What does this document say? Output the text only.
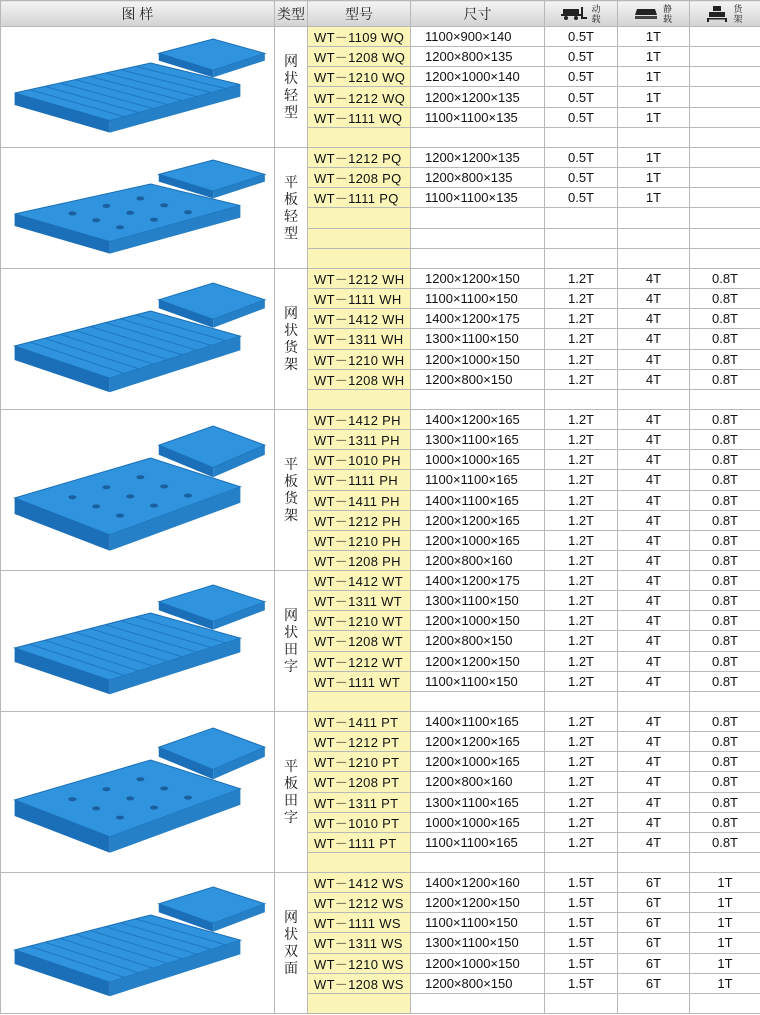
图 样	类型	型号	尺寸	动载	静载	货架

	网状轻型	WT－1109 WQ	1100×900×140	0.5T	1T	
		WT－1208 WQ	1200×800×135	0.5T	1T	
		WT－1210 WQ	1200×1000×140	0.5T	1T	
		WT－1212 WQ	1200×1200×135	0.5T	1T	
		WT－1111 WQ	1100×1100×135	0.5T	1T	

	平板轻型	WT－1212 PQ	1200×1200×135	0.5T	1T	
		WT－1208 PQ	1200×800×135	0.5T	1T	
		WT－1111 PQ	1100×1100×135	0.5T	1T	

	网状货架	WT－1212 WH	1200×1200×150	1.2T	4T	0.8T
		WT－1111 WH	1100×1100×150	1.2T	4T	0.8T
		WT－1412 WH	1400×1200×175	1.2T	4T	0.8T
		WT－1311 WH	1300×1100×150	1.2T	4T	0.8T
		WT－1210 WH	1200×1000×150	1.2T	4T	0.8T
		WT－1208 WH	1200×800×150	1.2T	4T	0.8T

	平板货架	WT－1412 PH	1400×1200×165	1.2T	4T	0.8T
		WT－1311 PH	1300×1100×165	1.2T	4T	0.8T
		WT－1010 PH	1000×1000×165	1.2T	4T	0.8T
		WT－1111 PH	1100×1100×165	1.2T	4T	0.8T
		WT－1411 PH	1400×1100×165	1.2T	4T	0.8T
		WT－1212 PH	1200×1200×165	1.2T	4T	0.8T
		WT－1210 PH	1200×1000×165	1.2T	4T	0.8T
		WT－1208 PH	1200×800×160	1.2T	4T	0.8T

	网状田字	WT－1412 WT	1400×1200×175	1.2T	4T	0.8T
		WT－1311 WT	1300×1100×150	1.2T	4T	0.8T
		WT－1210 WT	1200×1000×150	1.2T	4T	0.8T
		WT－1208 WT	1200×800×150	1.2T	4T	0.8T
		WT－1212 WT	1200×1200×150	1.2T	4T	0.8T
		WT－1111 WT	1100×1100×150	1.2T	4T	0.8T

	平板田字	WT－1411 PT	1400×1100×165	1.2T	4T	0.8T
		WT－1212 PT	1200×1200×165	1.2T	4T	0.8T
		WT－1210 PT	1200×1000×165	1.2T	4T	0.8T
		WT－1208 PT	1200×800×160	1.2T	4T	0.8T
		WT－1311 PT	1300×1100×165	1.2T	4T	0.8T
		WT－1010 PT	1000×1000×165	1.2T	4T	0.8T
		WT－1111 PT	1100×1100×165	1.2T	4T	0.8T

	网状双面	WT－1412 WS	1400×1200×160	1.5T	6T	1T
		WT－1212 WS	1200×1200×150	1.5T	6T	1T
		WT－1111 WS	1100×1100×150	1.5T	6T	1T
		WT－1311 WS	1300×1100×150	1.5T	6T	1T
		WT－1210 WS	1200×1000×150	1.5T	6T	1T
		WT－1208 WS	1200×800×150	1.5T	6T	1T
